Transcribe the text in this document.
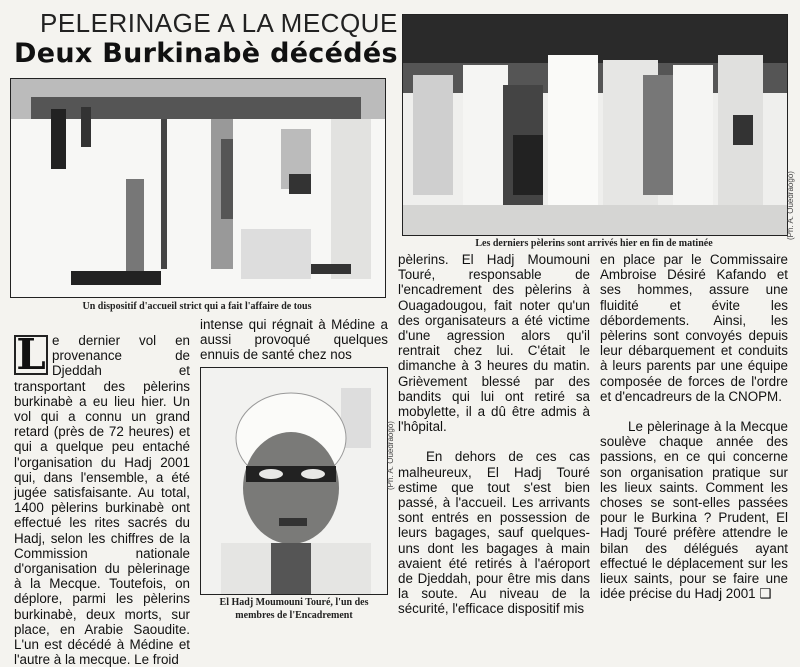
PELERINAGE A LA MECQUE
Deux Burkinabè décédés
Un dispositif d'accueil strict qui a fait l'affaire de tous
(Ph. A. Ouédraogo)
Les derniers pèlerins sont arrivés hier en fin de matinée
L e dernier vol en provenance de Djeddah et transportant des pèlerins burkinabè a eu lieu hier. Un vol qui a connu un grand retard (près de 72 heures) et qui a quelque peu entaché l'organisation du Hadj 2001 qui, dans l'ensemble, a été jugée satisfaisante. Au total, 1400 pèlerins burkinabè ont effectué les rites sacrés du Hadj, selon les chiffres de la Commission nationale d'organisation du pèlerinage à la Mecque. Toutefois, on déplore, parmi les pèlerins burkinabè, deux morts, sur place, en Arabie Saoudite. L'un est décédé à Médine et l'autre à la mecque. Le froid
intense qui régnait à Médine a aussi provoqué quelques ennuis de santé chez nos
(Ph. A. Ouédraogo)
El Hadj Moumouni Touré, l'un des
membres de l'Encadrement

pèlerins. El Hadj Moumouni Touré, responsable de l'encadrement des pèlerins à Ouagadougou, fait noter qu'un des organisateurs a été victime d'une agression alors qu'il rentrait chez lui. C'était le dimanche à 3 heures du matin. Grièvement blessé par des bandits qui lui ont retiré sa mobylette, il a dû être admis à l'hôpital.

En dehors de ces cas malheureux, El Hadj Touré estime que tout s'est bien passé, à l'accueil. Les arrivants sont entrés en possession de leurs bagages, sauf quelques-uns dont les bagages à main avaient été retirés à l'aéroport de Djeddah, pour être mis dans la soute. Au niveau de la sécurité, l'efficace dispositif mis

en place par le Commissaire Ambroise Désiré Kafando et ses hommes, assure une fluidité et évite les débordements. Ainsi, les pèlerins sont convoyés depuis leur débarquement et conduits à leurs parents par une équipe composée de forces de l'ordre et d'encadreurs de la CNOPM.

Le pèlerinage à la Mecque soulève chaque année des passions, en ce qui concerne son organisation pratique sur les lieux saints. Comment les choses se sont-elles passées pour le Burkina ? Prudent, El Hadj Touré préfère attendre le bilan des délégués ayant effectué le déplacement sur les lieux saints, pour se faire une idée précise du Hadj 2001 ❑
